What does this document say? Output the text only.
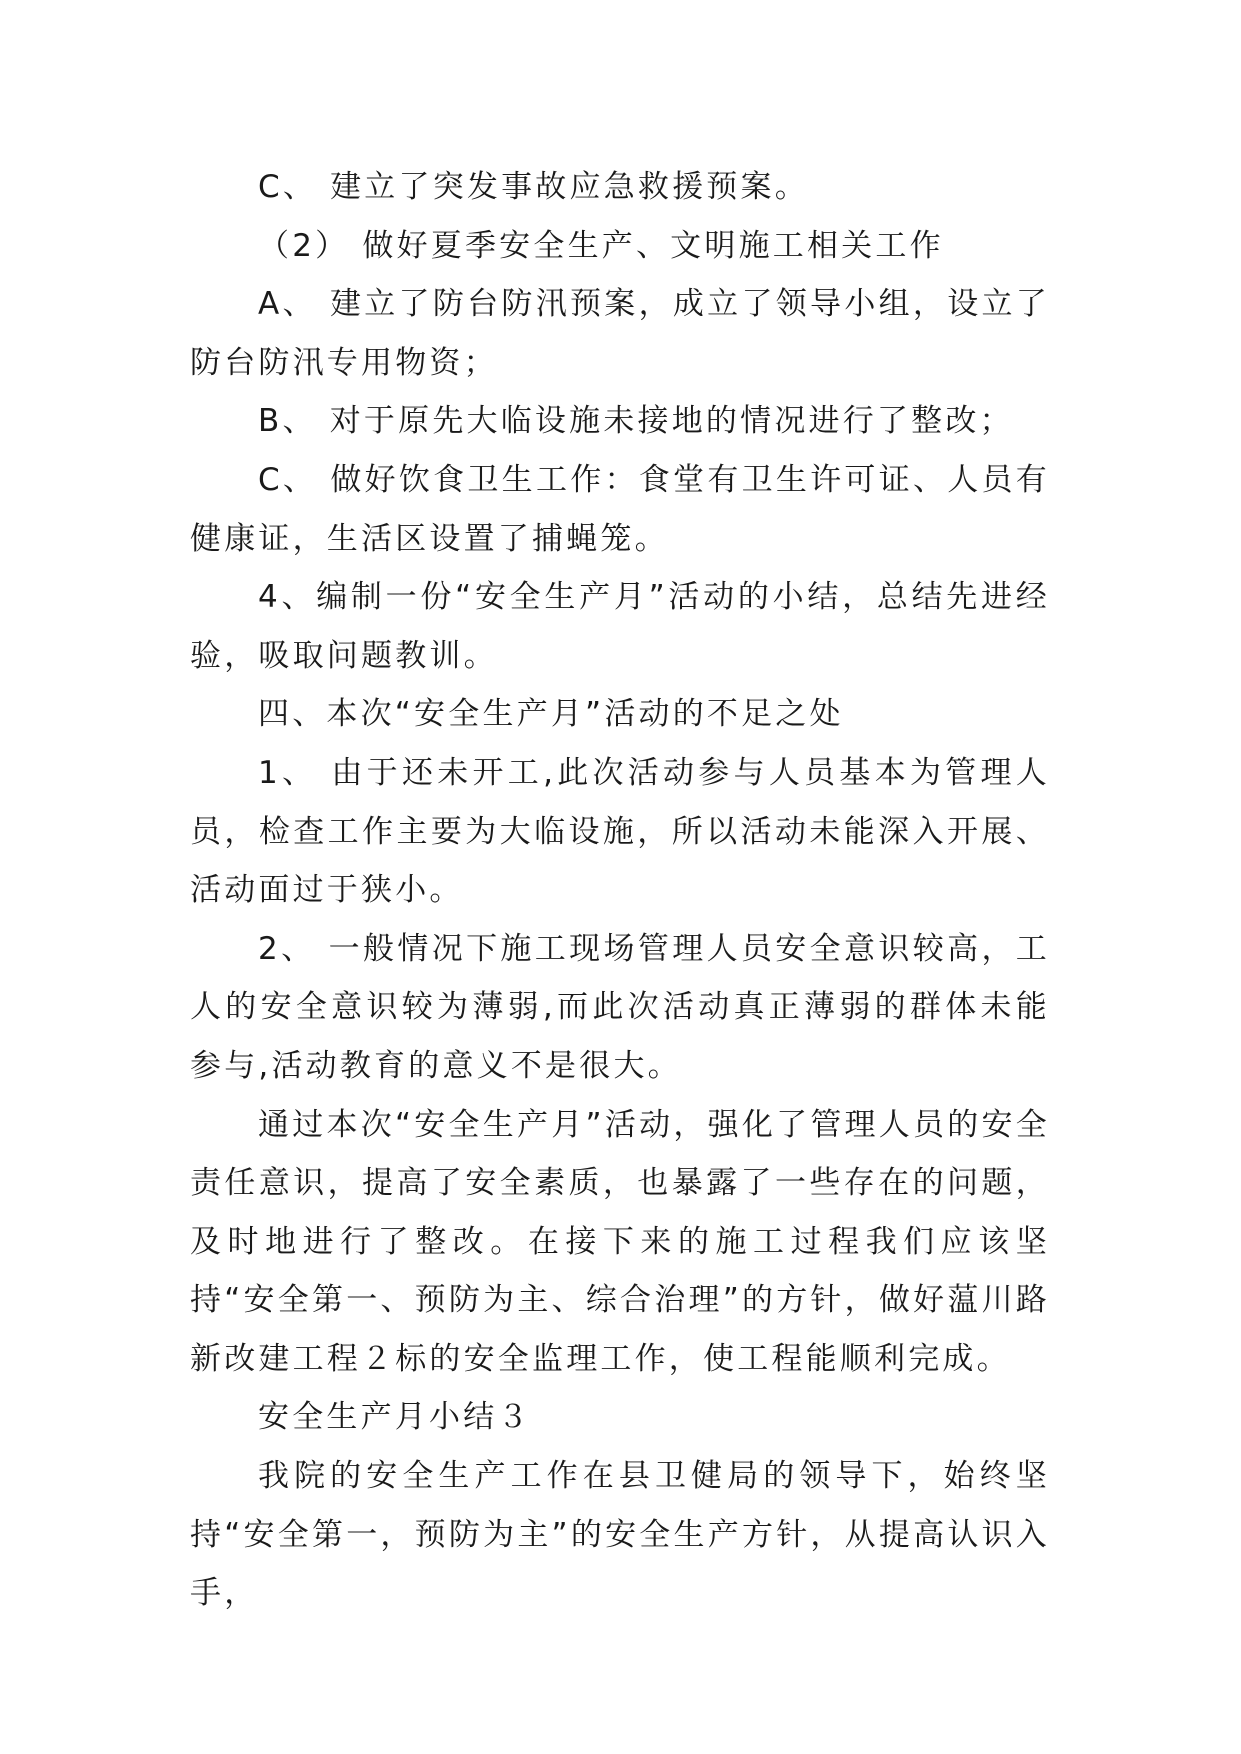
C、 建立了突发事故应急救援预案。

（2） 做好夏季安全生产、文明施工相关工作

A、 建立了防台防汛预案，成立了领导小组，设立了防台防汛专用物资；

B、 对于原先大临设施未接地的情况进行了整改；

C、 做好饮食卫生工作：食堂有卫生许可证、人员有健康证，生活区设置了捕蝇笼。

4、编制一份“安全生产月”活动的小结，总结先进经验，吸取问题教训。

四、本次“安全生产月”活动的不足之处

1、 由于还未开工,此次活动参与人员基本为管理人员，检查工作主要为大临设施，所以活动未能深入开展、活动面过于狭小。

2、 一般情况下施工现场管理人员安全意识较高，工人的安全意识较为薄弱,而此次活动真正薄弱的群体未能参与,活动教育的意义不是很大。

通过本次“安全生产月”活动，强化了管理人员的安全责任意识，提高了安全素质，也暴露了一些存在的问题，及时地进行了整改。在接下来的施工过程我们应该坚持“安全第一、预防为主、综合治理”的方针，做好蕰川路新改建工程２标的安全监理工作，使工程能顺利完成。

安全生产月小结３

我院的安全生产工作在县卫健局的领导下，始终坚持“安全第一，预防为主”的安全生产方针，从提高认识入手，
